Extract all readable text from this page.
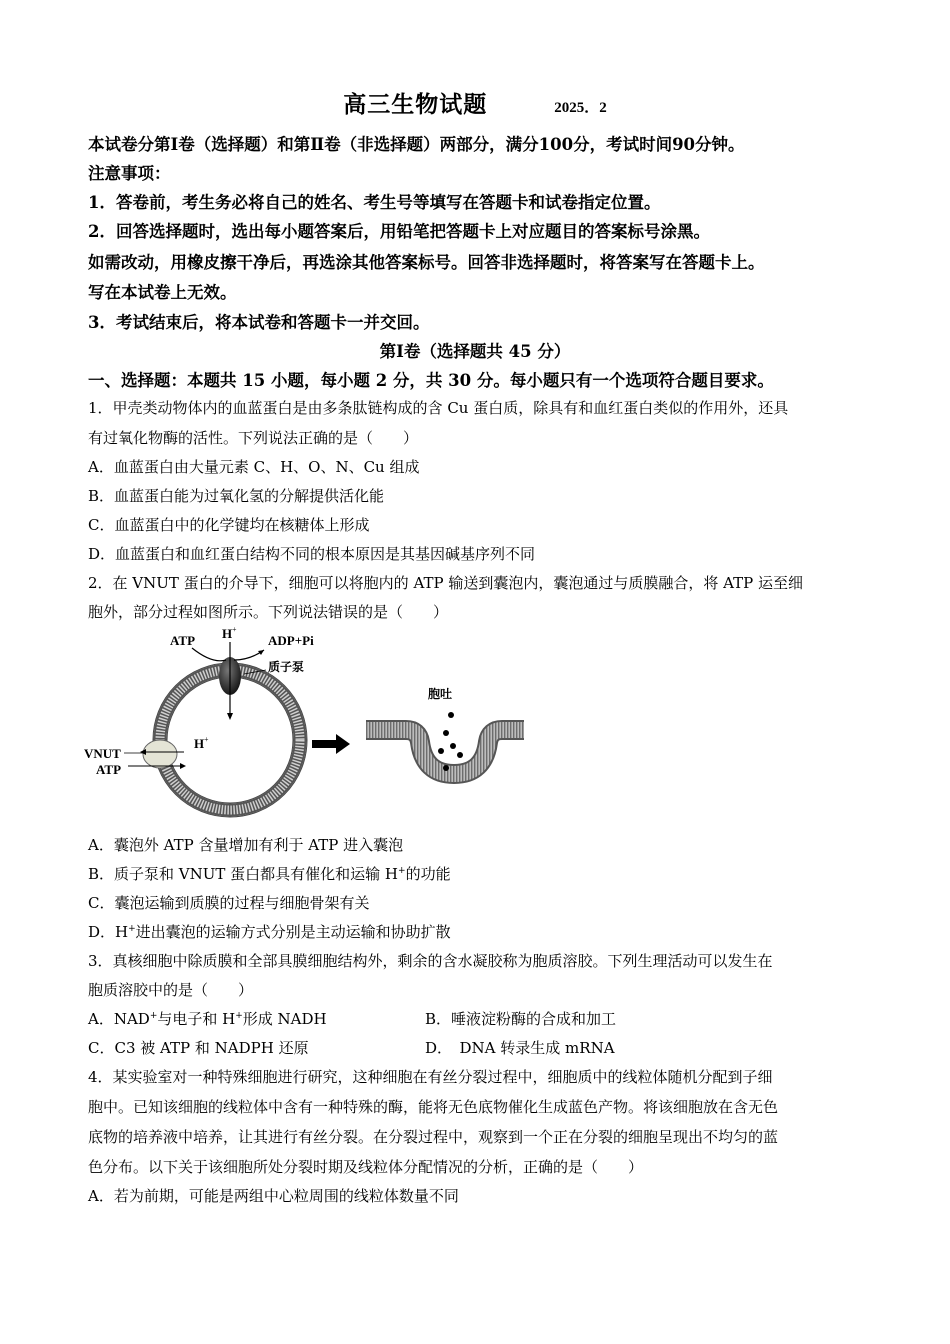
高三生物试题	2025．2
本试卷分第Ⅰ卷（选择题）和第Ⅱ卷（非选择题）两部分，满分100分，考试时间90分钟。
注意事项：
1．答卷前，考生务必将自己的姓名、考生号等填写在答题卡和试卷指定位置。
2．回答选择题时，选出每小题答案后，用铅笔把答题卡上对应题目的答案标号涂黑。
如需改动，用橡皮擦干净后，再选涂其他答案标号。回答非选择题时，将答案写在答题卡上。
写在本试卷上无效。
3．考试结束后，将本试卷和答题卡一并交回。
第Ⅰ卷（选择题共 45 分）
一、选择题：本题共 15 小题，每小题 2 分，共 30 分。每小题只有一个选项符合题目要求。
1．甲壳类动物体内的血蓝蛋白是由多条肽链构成的含 Cu 蛋白质，除具有和血红蛋白类似的作用外，还具
有过氧化物酶的活性。下列说法正确的是（　　）
A．血蓝蛋白由大量元素 C、H、O、N、Cu 组成
B．血蓝蛋白能为过氧化氢的分解提供活化能
C．血蓝蛋白中的化学键均在核糖体上形成
D．血蓝蛋白和血红蛋白结构不同的根本原因是其基因碱基序列不同
2．在 VNUT 蛋白的介导下，细胞可以将胞内的 ATP 输送到囊泡内，囊泡通过与质膜融合，将 ATP 运至细
胞外，部分过程如图所示。下列说法错误的是（　　）
ATP H +
ADP+Pi
质子泵
H +
VNUT
ATP
胞吐
A．囊泡外 ATP 含量增加有利于 ATP 进入囊泡
B．质子泵和 VNUT 蛋白都具有催化和运输 H+的功能
C．囊泡运输到质膜的过程与细胞骨架有关
D．H+进出囊泡的运输方式分别是主动运输和协助扩散
3．真核细胞中除质膜和全部具膜细胞结构外，剩余的含水凝胶称为胞质溶胶。下列生理活动可以发生在
胞质溶胶中的是（　　）
A．NAD+与电子和 H+形成 NADH	B．唾液淀粉酶的合成和加工
C．C3 被 ATP 和 NADPH 还原	D．　DNA 转录生成 mRNA
4．某实验室对一种特殊细胞进行研究，这种细胞在有丝分裂过程中，细胞质中的线粒体随机分配到子细
胞中。已知该细胞的线粒体中含有一种特殊的酶，能将无色底物催化生成蓝色产物。将该细胞放在含无色
底物的培养液中培养，让其进行有丝分裂。在分裂过程中，观察到一个正在分裂的细胞呈现出不均匀的蓝
色分布。以下关于该细胞所处分裂时期及线粒体分配情况的分析，正确的是（　　）
A．若为前期，可能是两组中心粒周围的线粒体数量不同
